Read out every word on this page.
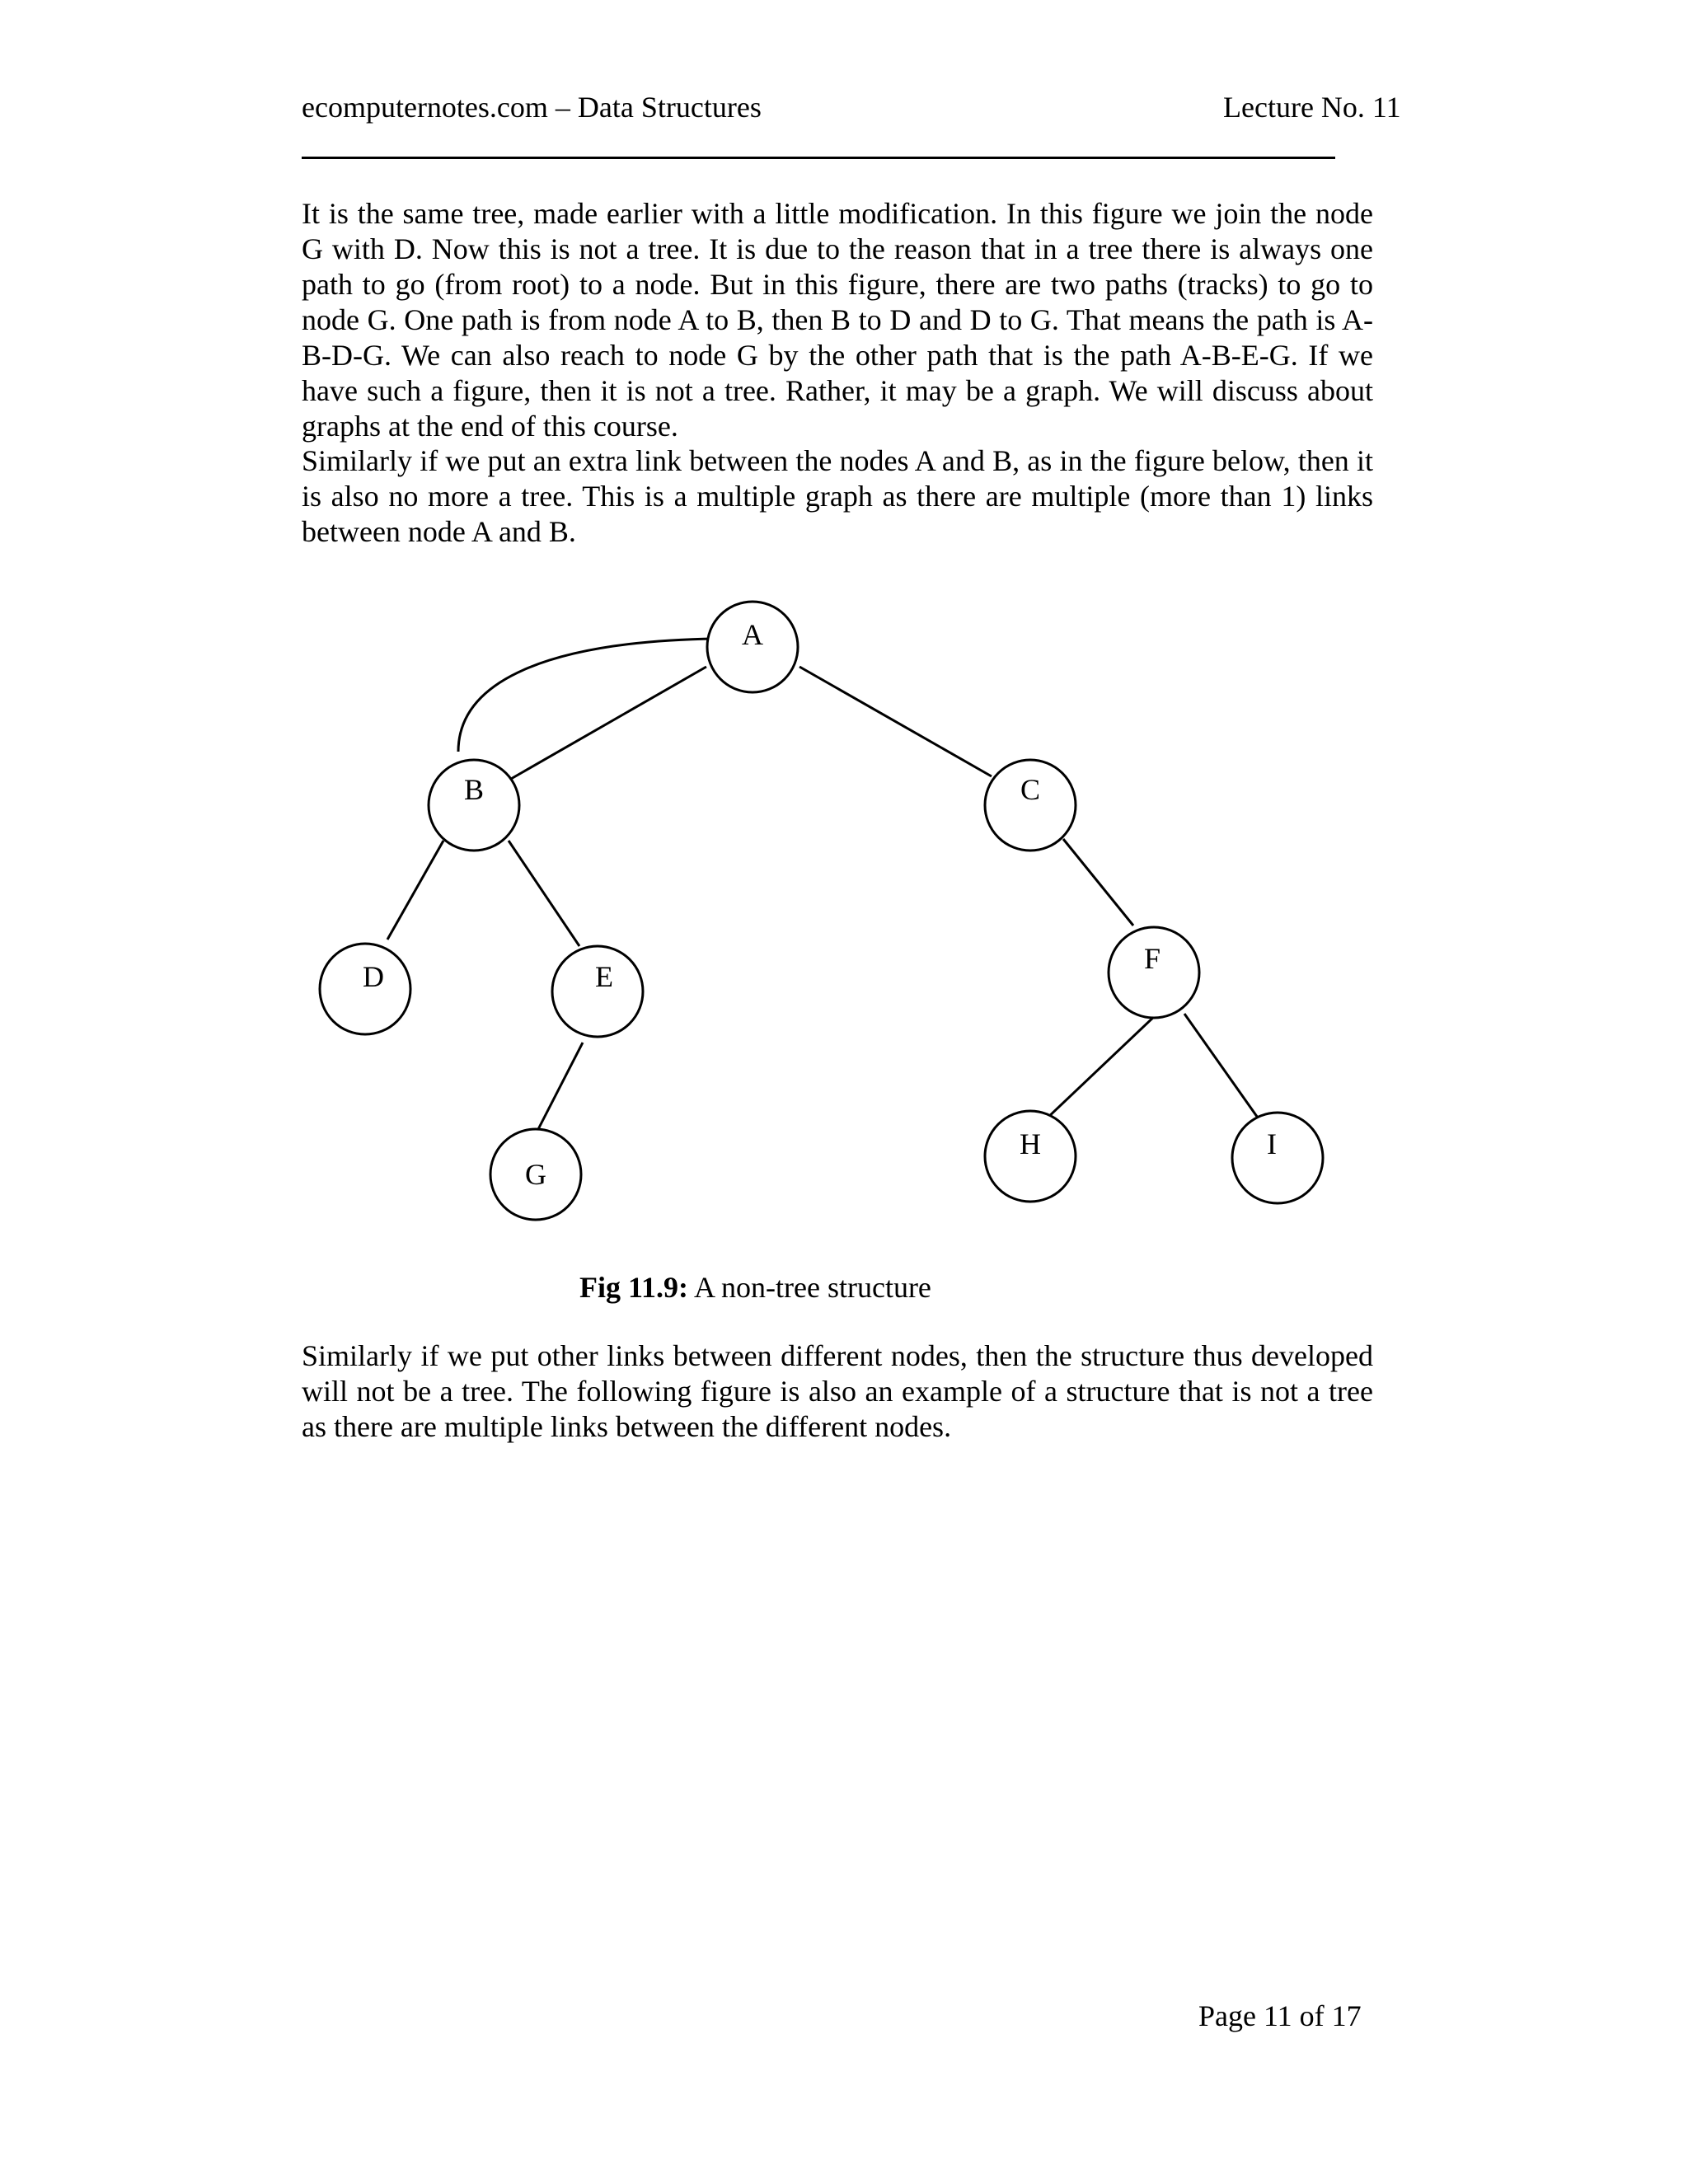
ecomputernotes.com – Data Structures	Lecture No. 11

It is the same tree, made earlier with a little modification. In this figure we join the node G with D. Now this is not a tree. It is due to the reason that in a tree there is always one path to go (from root) to a node. But in this figure, there are two paths (tracks) to go to node G. One path is from node A to B, then B to D and D to G. That means the path is A-B-D-G. We can also reach to node G by the other path that is the path A-B-E-G. If we have such a figure, then it is not a tree. Rather, it may be a graph. We will discuss about graphs at the end of this course.

Similarly if we put an extra link between the nodes A and B, as in the figure below, then it is also no more a tree. This is a multiple graph as there are multiple (more than 1) links between node A and B.

A
B	C
D	E
F
G
H	I
Fig 11.9: A non-tree structure

Similarly if we put other links between different nodes, then the structure thus developed will not be a tree. The following figure is also an example of a structure that is not a tree as there are multiple links between the different nodes.

Page 11 of 17
